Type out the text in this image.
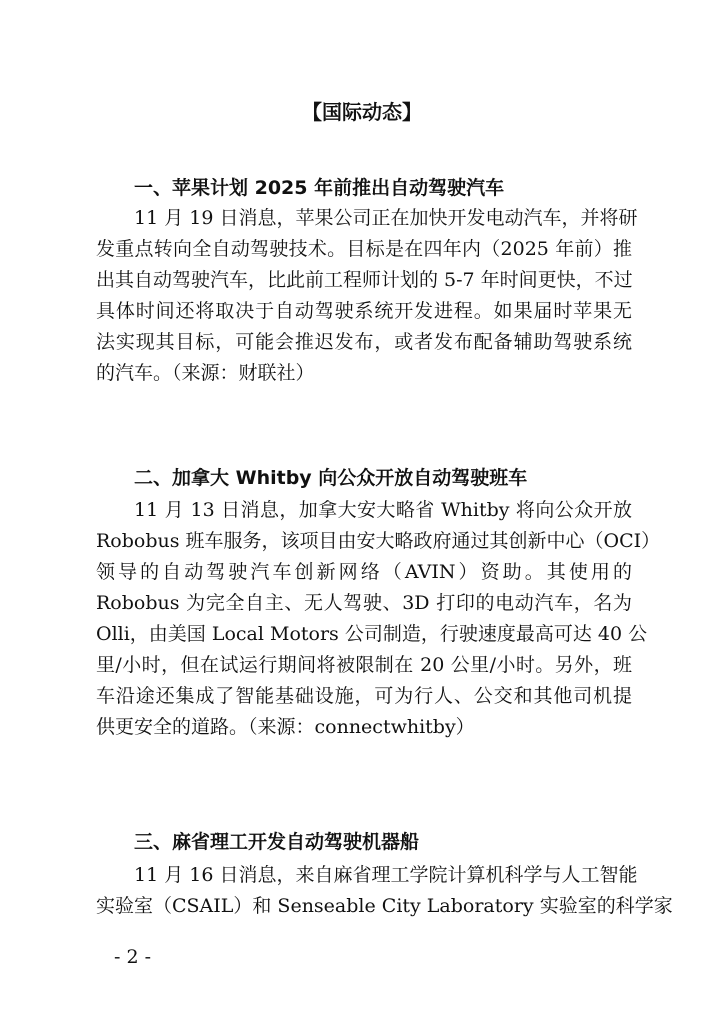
【国际动态】
一、苹果计划 2025 年前推出自动驾驶汽车
11 月 19 日消息，苹果公司正在加快开发电动汽车，并将研
发重点转向全自动驾驶技术。目标是在四年内（2025 年前）推
出其自动驾驶汽车，比此前工程师计划的 5-7 年时间更快，不过
具体时间还将取决于自动驾驶系统开发进程。如果届时苹果无
法实现其目标，可能会推迟发布，或者发布配备辅助驾驶系统
的汽车。（来源：财联社）
二、加拿大 Whitby 向公众开放自动驾驶班车
11 月 13 日消息，加拿大安大略省 Whitby 将向公众开放
Robobus 班车服务，该项目由安大略政府通过其创新中心（OCI）
领导的自动驾驶汽车创新网络（AVIN）资助。其使用的
Robobus 为完全自主、无人驾驶、3D 打印的电动汽车，名为
Olli，由美国 Local Motors 公司制造，行驶速度最高可达 40 公
里/小时，但在试运行期间将被限制在 20 公里/小时。另外，班
车沿途还集成了智能基础设施，可为行人、公交和其他司机提
供更安全的道路。（来源：connectwhitby）
三、麻省理工开发自动驾驶机器船
11 月 16 日消息，来自麻省理工学院计算机科学与人工智能
实验室（CSAIL）和 Senseable City Laboratory 实验室的科学家
- 2 -
